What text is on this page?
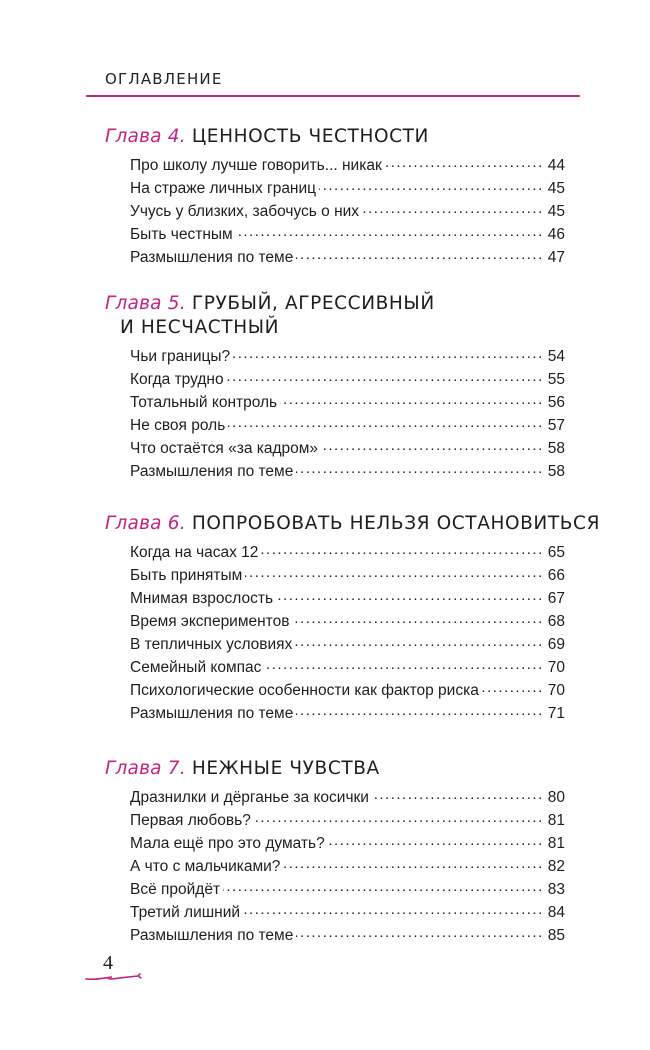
ОГЛАВЛЕНИЕ
Глава 4. ЦЕННОСТЬ ЧЕСТНОСТИ
Про школу лучше говорить... никак .....	44
На страже личных границ .....	45
Учусь у близких, забочусь о них .....	45
Быть честным .....	46
Размышления по теме .....	47
Глава 5. ГРУБЫЙ, АГРЕССИВНЫЙ
И НЕСЧАСТНЫЙ
Чьи границы? .....	54
Когда трудно .....	55
Тотальный контроль .....	56
Не своя роль .....	57
Что остаётся «за кадром» .....	58
Размышления по теме .....	58
Глава 6. ПОПРОБОВАТЬ НЕЛЬЗЯ ОСТАНОВИТЬСЯ
Когда на часах 12 .....	65
Быть принятым .....	66
Мнимая взрослость .....	67
Время экспериментов .....	68
В тепличных условиях .....	69
Семейный компас .....	70
Психологические особенности как фактор риска .....	70
Размышления по теме .....	71
Глава 7. НЕЖНЫЕ ЧУВСТВА
Дразнилки и дёрганье за косички .....	80
Первая любовь? .....	81
Мала ещё про это думать? .....	81
А что с мальчиками? .....	82
Всё пройдёт .....	83
Третий лишний .....	84
Размышления по теме .....	85
4
